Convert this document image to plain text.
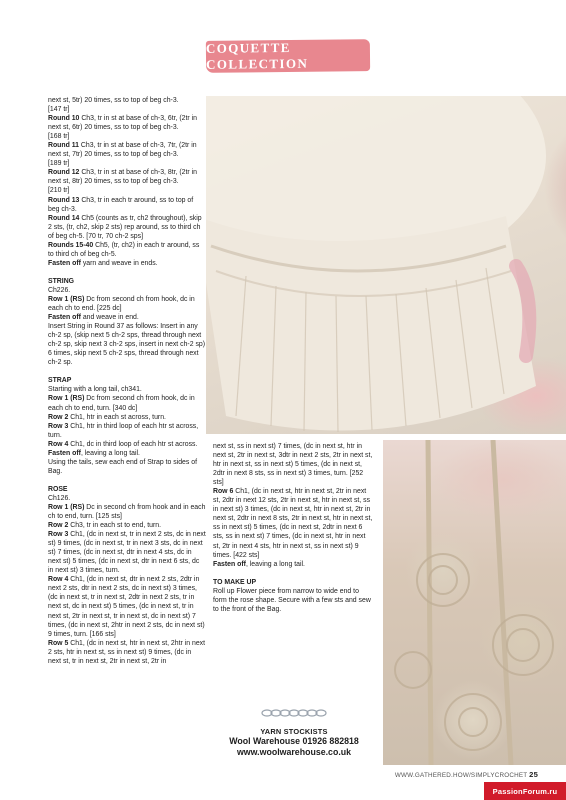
COQUETTE COLLECTION

next st, 5tr) 20 times, ss to top of beg ch-3.

[147 tr]

Round 10 Ch3, tr in st at base of ch-3, 6tr, (2tr in next st, 6tr) 20 times, ss to top of beg ch-3.

[168 tr]

Round 11 Ch3, tr in st at base of ch-3, 7tr, (2tr in next st, 7tr) 20 times, ss to top of beg ch-3.

[189 tr]

Round 12 Ch3, tr in st at base of ch-3, 8tr, (2tr in next st, 8tr) 20 times, ss to top of beg ch-3.

[210 tr]

Round 13 Ch3, tr in each tr around, ss to top of beg ch-3.

Round 14 Ch5 (counts as tr, ch2 throughout), skip 2 sts, (tr, ch2, skip 2 sts) rep around, ss to third ch of beg ch-5. [70 tr, 70 ch-2 sps]

Rounds 15-40 Ch5, (tr, ch2) in each tr around, ss to third ch of beg ch-5.

Fasten off yarn and weave in ends.

STRING

Ch226.

Row 1 (RS) Dc from second ch from hook, dc in each ch to end. [225 dc]

Fasten off and weave in end.

Insert String in Round 37 as follows: Insert in any ch-2 sp, (skip next 5 ch-2 sps, thread through next ch-2 sp, skip next 3 ch-2 sps, insert in next ch-2 sp) 6 times, skip next 5 ch-2 sps, thread through next ch-2 sp.

STRAP

Starting with a long tail, ch341.

Row 1 (RS) Dc from second ch from hook, dc in each ch to end, turn. [340 dc]

Row 2 Ch1, htr in each st across, turn.

Row 3 Ch1, htr in third loop of each htr st across, turn.

Row 4 Ch1, dc in third loop of each htr st across.

Fasten off, leaving a long tail.

Using the tails, sew each end of Strap to sides of Bag.

ROSE

Ch126.

Row 1 (RS) Dc in second ch from hook and in each ch to end, turn. [125 sts]

Row 2 Ch3, tr in each st to end, turn.

Row 3 Ch1, (dc in next st, tr in next 2 sts, dc in next st) 9 times, (dc in next st, tr in next 3 sts, dc in next st) 7 times, (dc in next st, dtr in next 4 sts, dc in next st) 5 times, (dc in next st, dtr in next 6 sts, dc in next st) 3 times, turn.

Row 4 Ch1, (dc in next st, dtr in next 2 sts, 2dtr in next 2 sts, dtr in next 2 sts, dc in next st) 3 times, (dc in next st, tr in next st, 2dtr in next 2 sts, tr in next st, dc in next st) 5 times, (dc in next st, tr in next st, 2tr in next st, tr in next st, dc in next st) 7 times, (dc in next st, 2htr in next 2 sts, dc in next st) 9 times, turn. [166 sts]

Row 5 Ch1, (dc in next st, htr in next st, 2htr in next 2 sts, htr in next st, ss in next st) 9 times, (dc in next st, tr in next st, 2tr in next st, 2tr in

next st, ss in next st) 7 times, (dc in next st, htr in next st, 2tr in next st, 3dtr in next 2 sts, 2tr in next st, htr in next st, ss in next st) 5 times, (dc in next st, 2dtr in next 8 sts, ss in next st) 3 times, turn. [252 sts]

Row 6 Ch1, (dc in next st, htr in next st, 2tr in next st, 2dtr in next 12 sts, 2tr in next st, htr in next st, ss in next st) 3 times, (dc in next st, htr in next st, 2tr in next st, 2dtr in next 8 sts, 2tr in next st, htr in next st, ss in next st) 5 times, (dc in next st, 2dtr in next 6 sts, ss in next st) 7 times, (dc in next st, htr in next st, 2tr in next 4 sts, htr in next st, ss in next st) 9 times. [422 sts]

Fasten off, leaving a long tail.

TO MAKE UP

Roll up Flower piece from narrow to wide end to form the rose shape. Secure with a few sts and sew to the front of the Bag.

YARN STOCKISTS
Wool Warehouse 01926 882818
www.woolwarehouse.co.uk
WWW.GATHERED.HOW/SIMPLYCROCHET 25
PassionForum.ru
